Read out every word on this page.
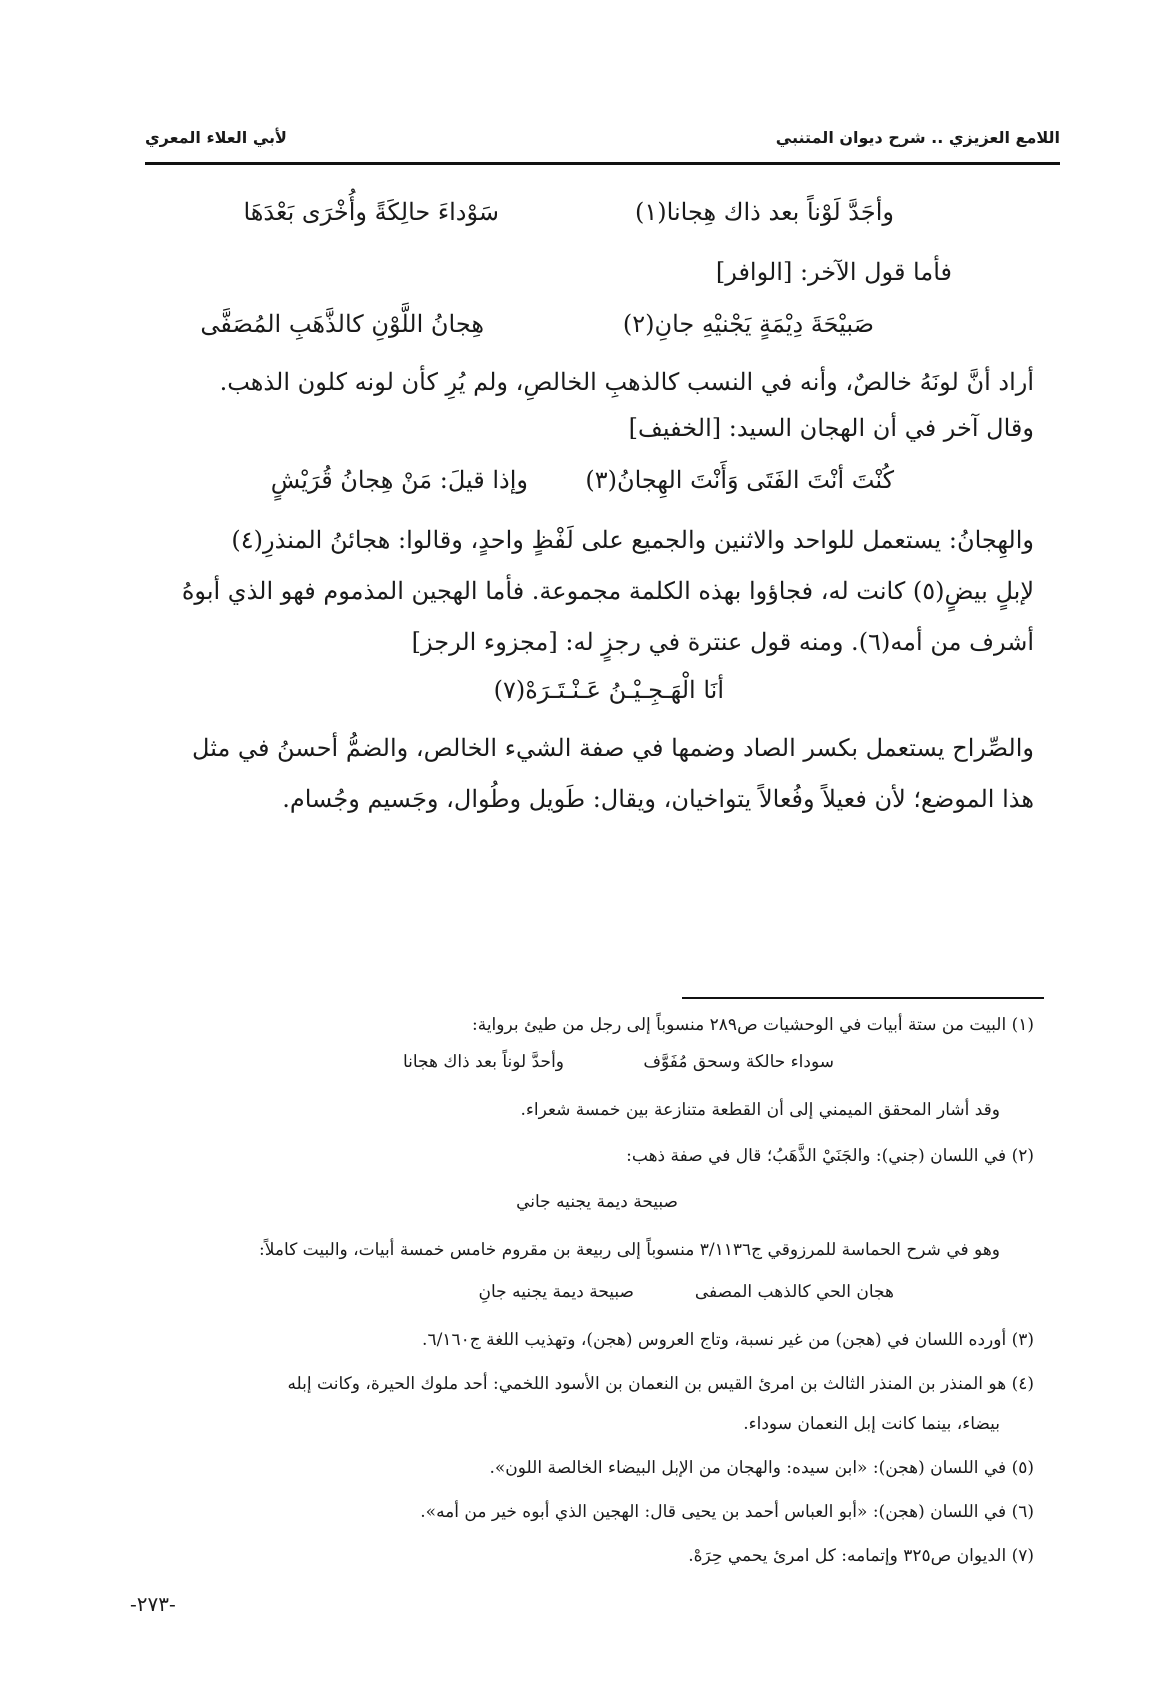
اللامع العزيزي .. شرح ديوان المتنبي
لأبي العلاء المعري
سَوْداءَ حالِكَةً وأُخْرَى بَعْدَهَا	وأجَدَّ لَوْناً بعد ذاك هِجانا(١)
فأما قول الآخر: [الوافر]
هِجانُ اللَّوْنِ كالذَّهَبِ المُصَفَّى	صَبيْحَةَ دِيْمَةٍ يَجْنيْهِ جانِ(٢)
أراد أنَّ لونَهُ خالصٌ، وأنه في النسب كالذهبِ الخالصِ، ولم يُرِ كأن لونه كلون الذهب.
وقال آخر في أن الهجان السيد: [الخفيف]
وإذا قيلَ: مَنْ هِجانُ قُرَيْشٍ كُنْتَ أنْتَ الفَتَى وَأَنْتَ الهِجانُ(٣)
والهِجانُ: يستعمل للواحد والاثنين والجميع على لَفْظٍ واحدٍ، وقالوا: هجائنُ المنذرِ(٤)
لإبلٍ بيضٍ(٥) كانت له، فجاؤوا بهذه الكلمة مجموعة. فأما الهجين المذموم فهو الذي أبوهُ
أشرف من أمه(٦). ومنه قول عنترة في رجزٍ له: [مجزوء الرجز]
أنَا الْهَـجِـيْـنُ عَـنْـتَـرَهْ(٧)
والصِّراح يستعمل بكسر الصاد وضمها في صفة الشيء الخالص، والضمُّ أحسنُ في مثل
هذا الموضع؛ لأن فعيلاً وفُعالاً يتواخيان، ويقال: طَويل وطُوال، وجَسيم وجُسام.
(١) البيت من ستة أبيات في الوحشيات ص٢٨٩ منسوباً إلى رجل من طيئ برواية:
سوداء حالكة وسحق مُفَوَّف
وأحدَّ لوناً بعد ذاك هجانا
وقد أشار المحقق الميمني إلى أن القطعة متنازعة بين خمسة شعراء.
(٢) في اللسان (جني): والجَنَيْ الذَّهَبُ؛ قال في صفة ذهب:
صبيحة ديمة يجنيه جاني
وهو في شرح الحماسة للمرزوقي ج٣/١١٣٦ منسوباً إلى ربيعة بن مقروم خامس خمسة أبيات، والبيت كاملاً:
هجان الحي كالذهب المصفى
صبيحة ديمة يجنيه جانِ
(٣) أورده اللسان في (هجن) من غير نسبة، وتاج العروس (هجن)، وتهذيب اللغة ج٦/١٦٠.
(٤) هو المنذر بن المنذر الثالث بن امرئ القيس بن النعمان بن الأسود اللخمي: أحد ملوك الحيرة، وكانت إبله
بيضاء، بينما كانت إبل النعمان سوداء.
(٥) في اللسان (هجن): «ابن سيده: والهجان من الإبل البيضاء الخالصة اللون».
(٦) في اللسان (هجن): «أبو العباس أحمد بن يحيى قال: الهجين الذي أبوه خير من أمه».
(٧) الديوان ص٣٢٥ وإتمامه: كل امرئ يحمي حِرَهْ.
-٢٧٣-
